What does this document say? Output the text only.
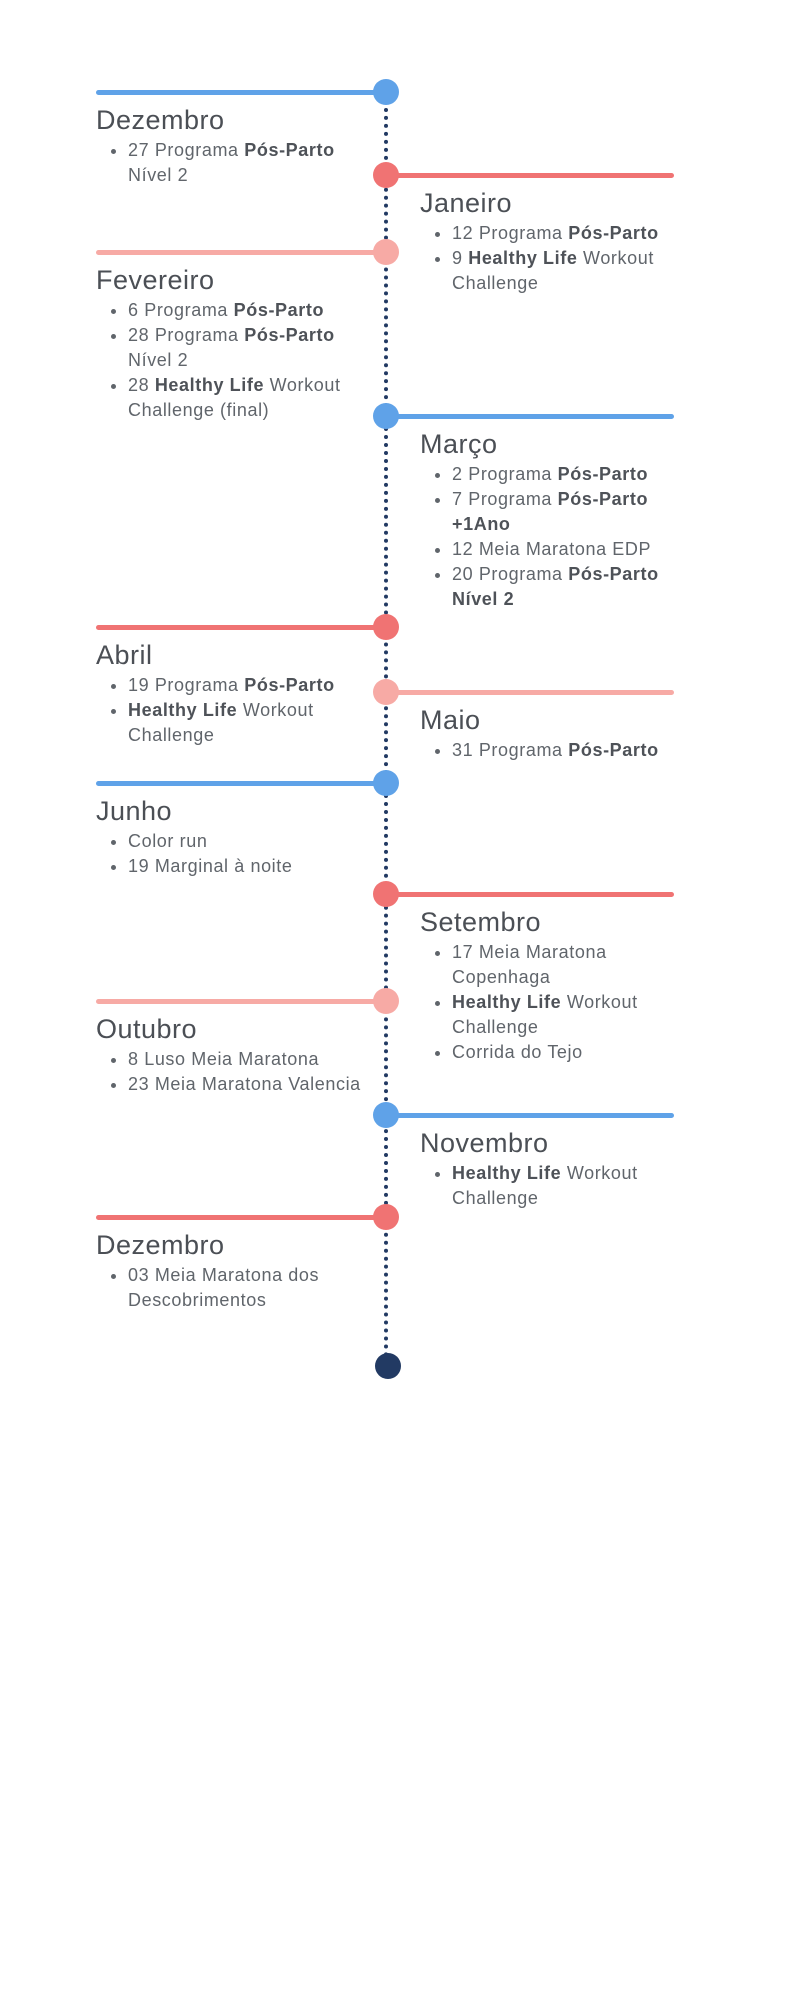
Dezembro
• 27 Programa Pós-Parto Nível 2
Janeiro
• 12 Programa Pós-Parto
• 9 Healthy Life Workout Challenge
Fevereiro
• 6 Programa Pós-Parto
• 28 Programa Pós-Parto Nível 2
• 28 Healthy Life Workout Challenge (final)
Março
• 2 Programa Pós-Parto
• 7 Programa Pós-Parto +1Ano
• 12 Meia Maratona EDP
• 20 Programa Pós-Parto Nível 2
Abril
• 19 Programa Pós-Parto
• Healthy Life Workout Challenge	Maio
• 31 Programa Pós-Parto
Junho
• Color run
• 19 Marginal à noite
Setembro
• 17 Meia Maratona Copenhaga
• Healthy Life Workout Challenge
• Corrida do Tejo
Outubro
• 8 Luso Meia Maratona
• 23 Meia Maratona Valencia
Novembro
• Healthy Life Workout Challenge
Dezembro
• 03 Meia Maratona dos Descobrimentos
